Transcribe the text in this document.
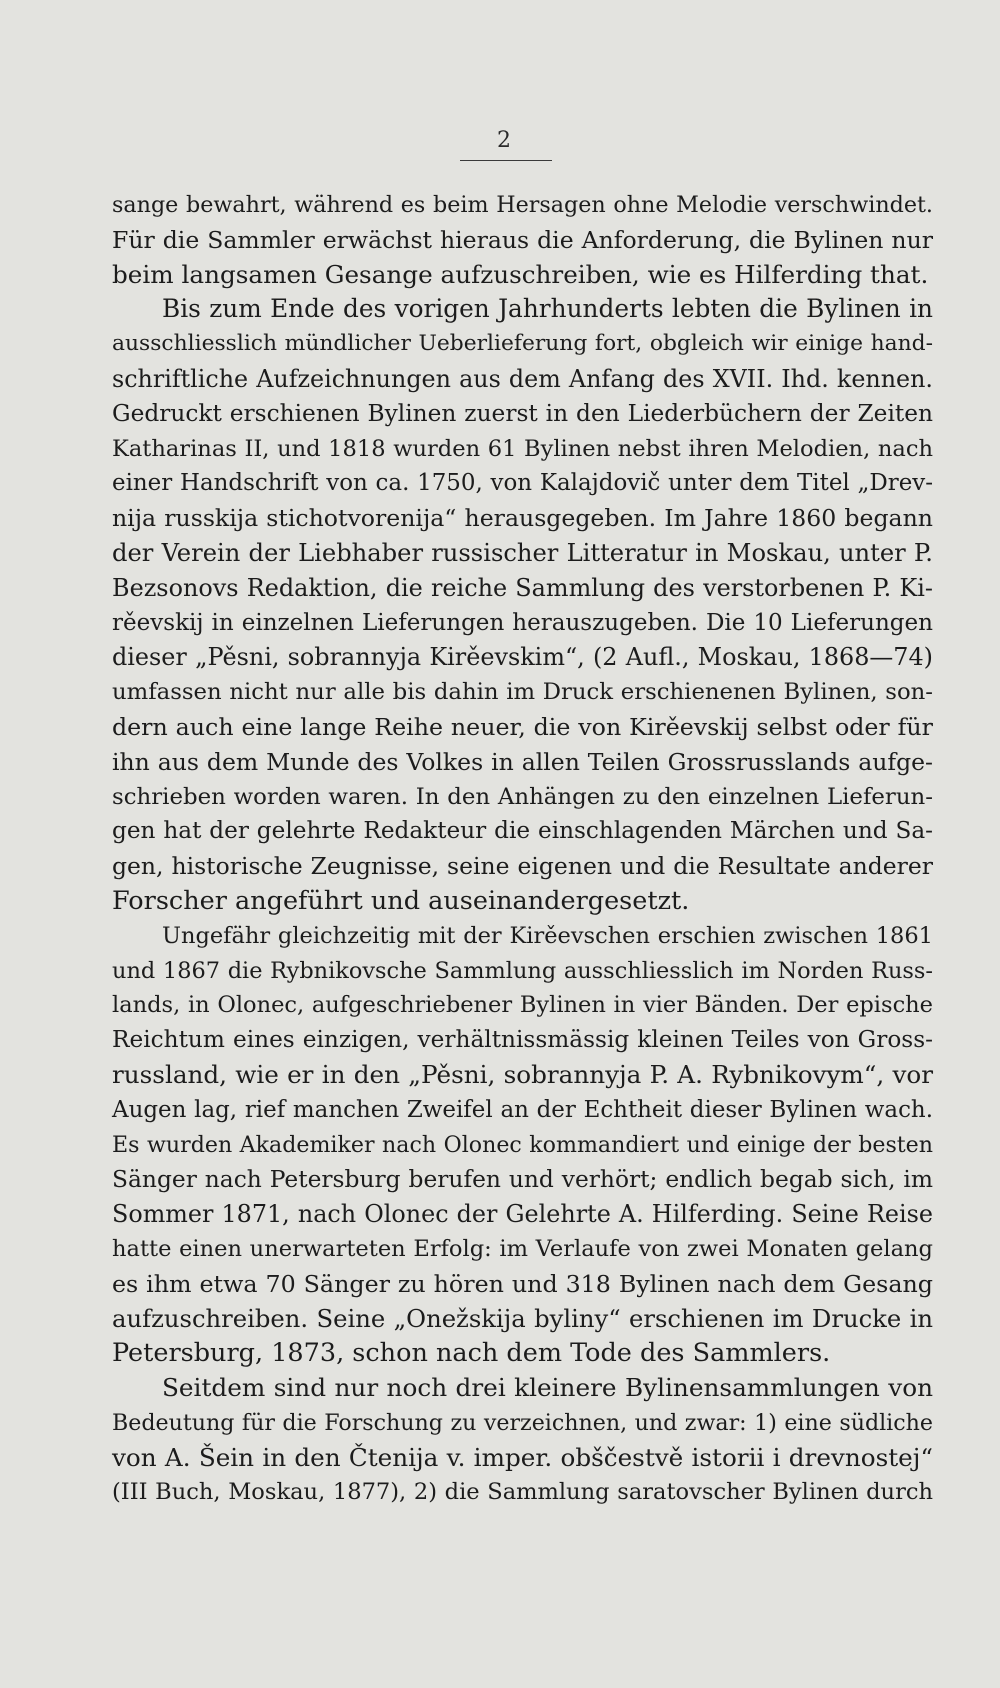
2
sange bewahrt, während es beim Hersagen ohne Melodie verschwindet.
Für die Sammler erwächst hieraus die Anforderung, die Bylinen nur
beim langsamen Gesange aufzuschreiben, wie es Hilferding that.
Bis zum Ende des vorigen Jahrhunderts lebten die Bylinen in
ausschliesslich mündlicher Ueberlieferung fort, obgleich wir einige hand-
schriftliche Aufzeichnungen aus dem Anfang des XVII. Ihd. kennen.
Gedruckt erschienen Bylinen zuerst in den Liederbüchern der Zeiten
Katharinas II, und 1818 wurden 61 Bylinen nebst ihren Melodien, nach
einer Handschrift von ca. 1750, von Kalajdovič unter dem Titel „Drev-
nija russkija stichotvorenija“ herausgegeben. Im Jahre 1860 begann
der Verein der Liebhaber russischer Litteratur in Moskau, unter P.
Bezsonovs Redaktion, die reiche Sammlung des verstorbenen P. Ki-
rěevskij in einzelnen Lieferungen herauszugeben. Die 10 Lieferungen
dieser „Pěsni, sobrannyja Kirěevskim“, (2 Aufl., Moskau, 1868—74)
umfassen nicht nur alle bis dahin im Druck erschienenen Bylinen, son-
dern auch eine lange Reihe neuer, die von Kirěevskij selbst oder für
ihn aus dem Munde des Volkes in allen Teilen Grossrusslands aufge-
schrieben worden waren. In den Anhängen zu den einzelnen Lieferun-
gen hat der gelehrte Redakteur die einschlagenden Märchen und Sa-
gen, historische Zeugnisse, seine eigenen und die Resultate anderer
Forscher angeführt und auseinandergesetzt.
Ungefähr gleichzeitig mit der Kirěevschen erschien zwischen 1861
und 1867 die Rybnikovsche Sammlung ausschliesslich im Norden Russ-
lands, in Olonec, aufgeschriebener Bylinen in vier Bänden. Der epische
Reichtum eines einzigen, verhältnissmässig kleinen Teiles von Gross-
russland, wie er in den „Pěsni, sobrannyja P. A. Rybnikovym“, vor
Augen lag, rief manchen Zweifel an der Echtheit dieser Bylinen wach.
Es wurden Akademiker nach Olonec kommandiert und einige der besten
Sänger nach Petersburg berufen und verhört; endlich begab sich, im
Sommer 1871, nach Olonec der Gelehrte A. Hilferding. Seine Reise
hatte einen unerwarteten Erfolg: im Verlaufe von zwei Monaten gelang
es ihm etwa 70 Sänger zu hören und 318 Bylinen nach dem Gesang
aufzuschreiben. Seine „Onežskija byliny“ erschienen im Drucke in
Petersburg, 1873, schon nach dem Tode des Sammlers.
Seitdem sind nur noch drei kleinere Bylinensammlungen von
Bedeutung für die Forschung zu verzeichnen, und zwar: 1) eine südliche
von A. Šein in den Čtenija v. imper. obščestvě istorii i drevnostej“
(III Buch, Moskau, 1877), 2) die Sammlung saratovscher Bylinen durch
